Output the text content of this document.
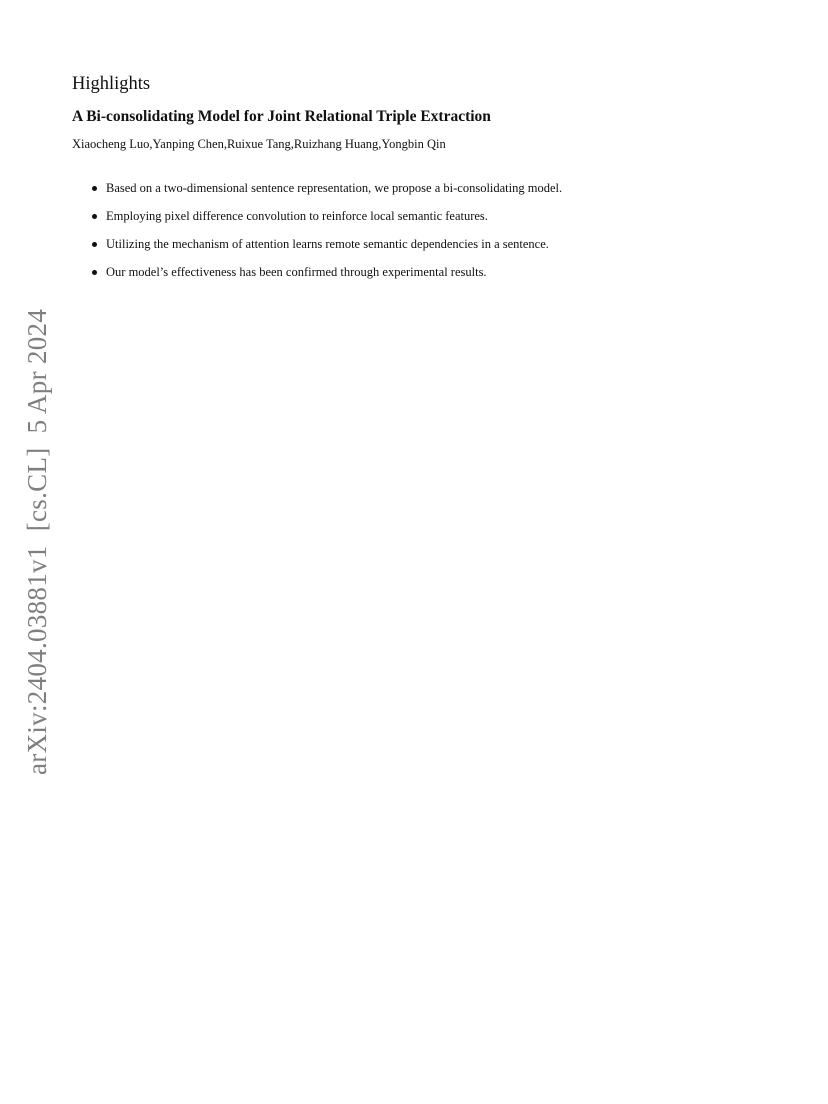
Highlights
A Bi-consolidating Model for Joint Relational Triple Extraction
Xiaocheng Luo,Yanping Chen,Ruixue Tang,Ruizhang Huang,Yongbin Qin
Based on a two-dimensional sentence representation, we propose a bi-consolidating model.
Employing pixel difference convolution to reinforce local semantic features.
Utilizing the mechanism of attention learns remote semantic dependencies in a sentence.
Our model’s effectiveness has been confirmed through experimental results.
arXiv:2404.03881v1  [cs.CL]  5 Apr 2024
